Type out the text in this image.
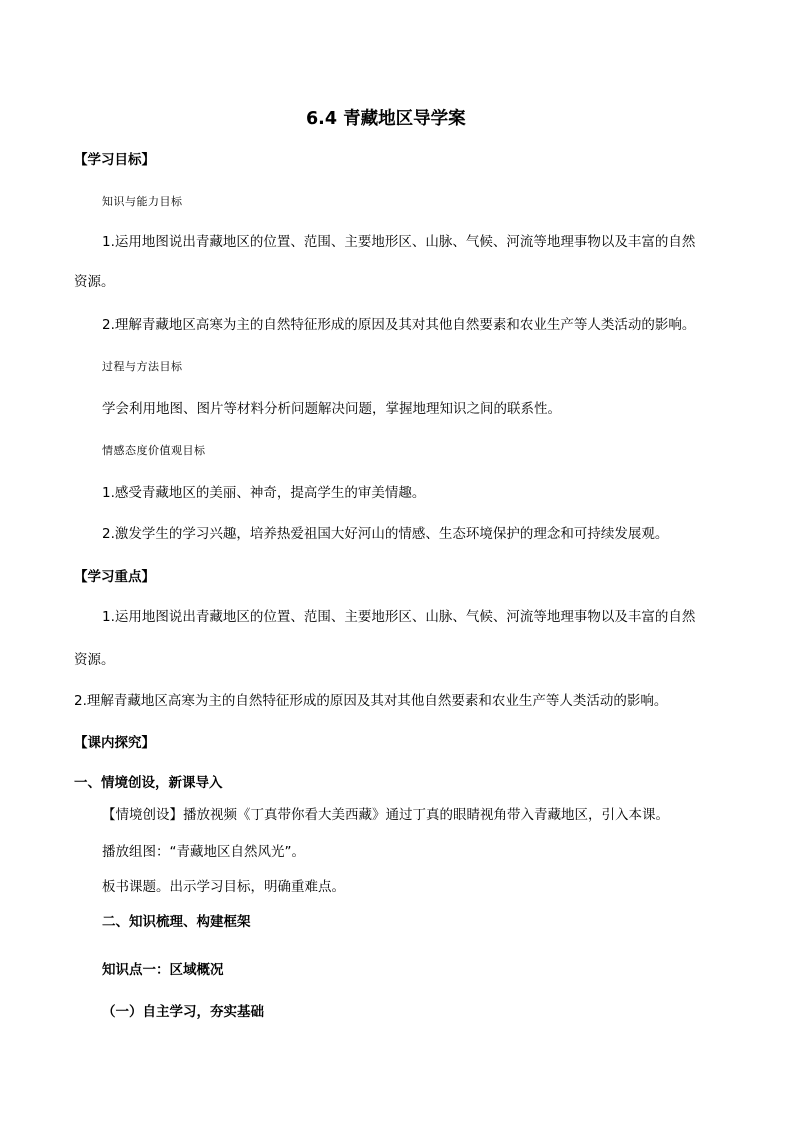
6.4 青藏地区导学案
【学习目标】
知识与能力目标
1.运用地图说出青藏地区的位置、范围、主要地形区、山脉、气候、河流等地理事物以及丰富的自然
资源。
2.理解青藏地区高寒为主的自然特征形成的原因及其对其他自然要素和农业生产等人类活动的影响。
过程与方法目标
学会利用地图、图片等材料分析问题解决问题，掌握地理知识之间的联系性。
情感态度价值观目标
1.感受青藏地区的美丽、神奇，提高学生的审美情趣。
2.激发学生的学习兴趣，培养热爱祖国大好河山的情感、生态环境保护的理念和可持续发展观。
【学习重点】
1.运用地图说出青藏地区的位置、范围、主要地形区、山脉、气候、河流等地理事物以及丰富的自然
资源。
2.理解青藏地区高寒为主的自然特征形成的原因及其对其他自然要素和农业生产等人类活动的影响。
【课内探究】
一、情境创设，新课导入
【情境创设】播放视频《丁真带你看大美西藏》通过丁真的眼睛视角带入青藏地区，引入本课。
播放组图：“青藏地区自然风光”。
板书课题。出示学习目标，明确重难点。
二、知识梳理、构建框架
知识点一：区域概况
（一）自主学习，夯实基础
